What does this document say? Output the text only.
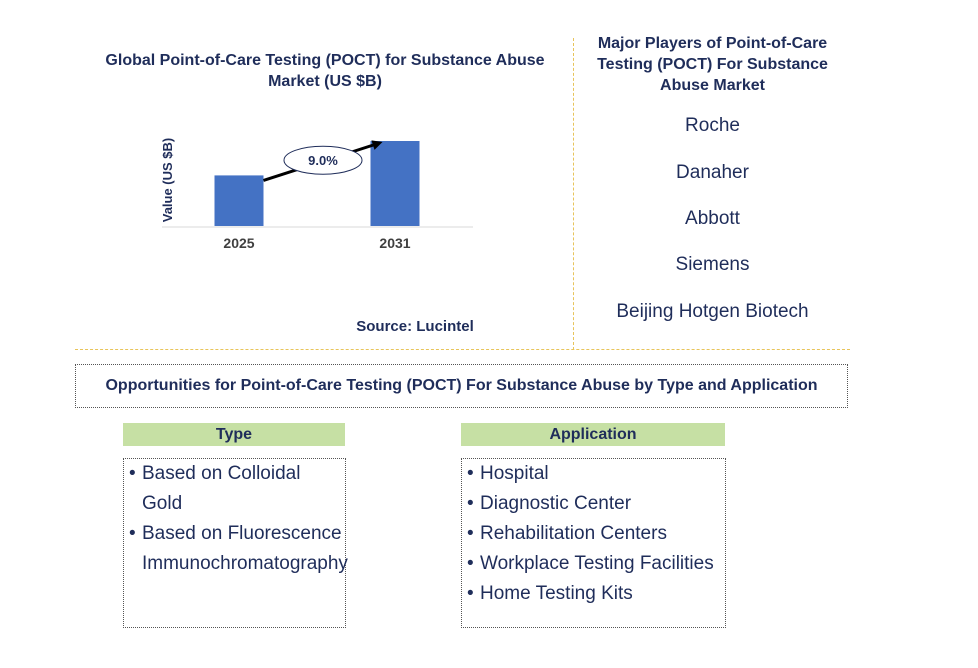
Global Point-of-Care Testing (POCT) for Substance Abuse Market (US $B)
Value (US $B)
2025	2031
9.0%
Source: Lucintel
Major Players of Point-of-Care Testing (POCT) For Substance Abuse Market
Roche
Danaher
Abbott
Siemens
Beijing Hotgen Biotech
Opportunities for Point-of-Care Testing (POCT) For Substance Abuse by Type and Application
Type
• Based on Colloidal Gold
• Based on Fluorescence Immunochromatography
Application
• Hospital
• Diagnostic Center
• Rehabilitation Centers
• Workplace Testing Facilities
• Home Testing Kits
